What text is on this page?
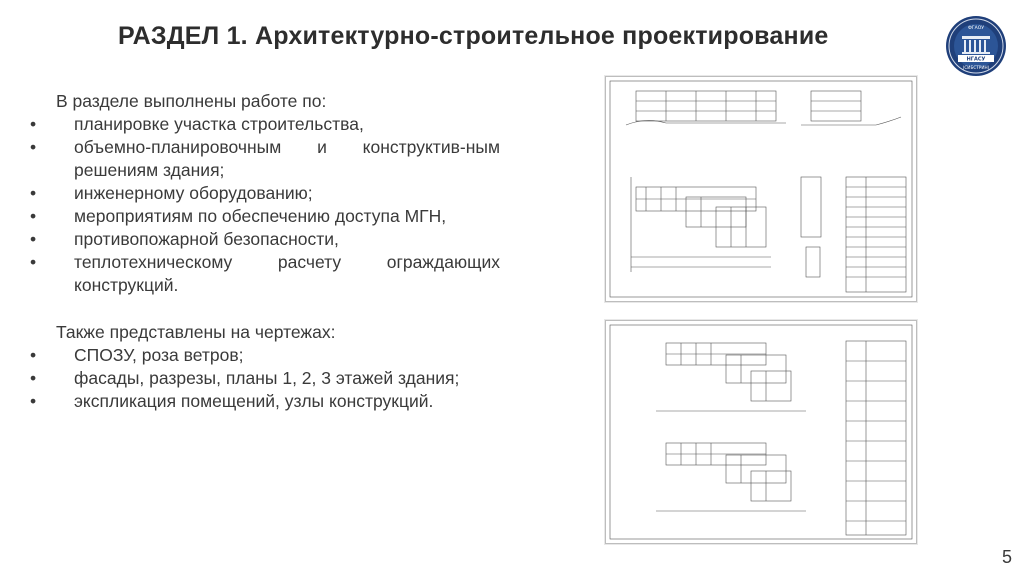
РАЗДЕЛ 1. Архитектурно-строительное проектирование	ФГАОУ
НГАСУ
(СИБСТРИН)
В разделе выполнены работе по:
• планировке участка строительства,
• объемно-планировочным и конструктив-ным решениям здания;
• инженерному оборудованию;
• мероприятиям по обеспечению доступа МГН,
• противопожарной безопасности,
• теплотехническому расчету ограждающих конструкций.
Также представлены на чертежах:
• СПОЗУ, роза ветров;
• фасады, разрезы, планы 1, 2, 3 этажей здания;
• экспликация помещений, узлы конструкций.
5
